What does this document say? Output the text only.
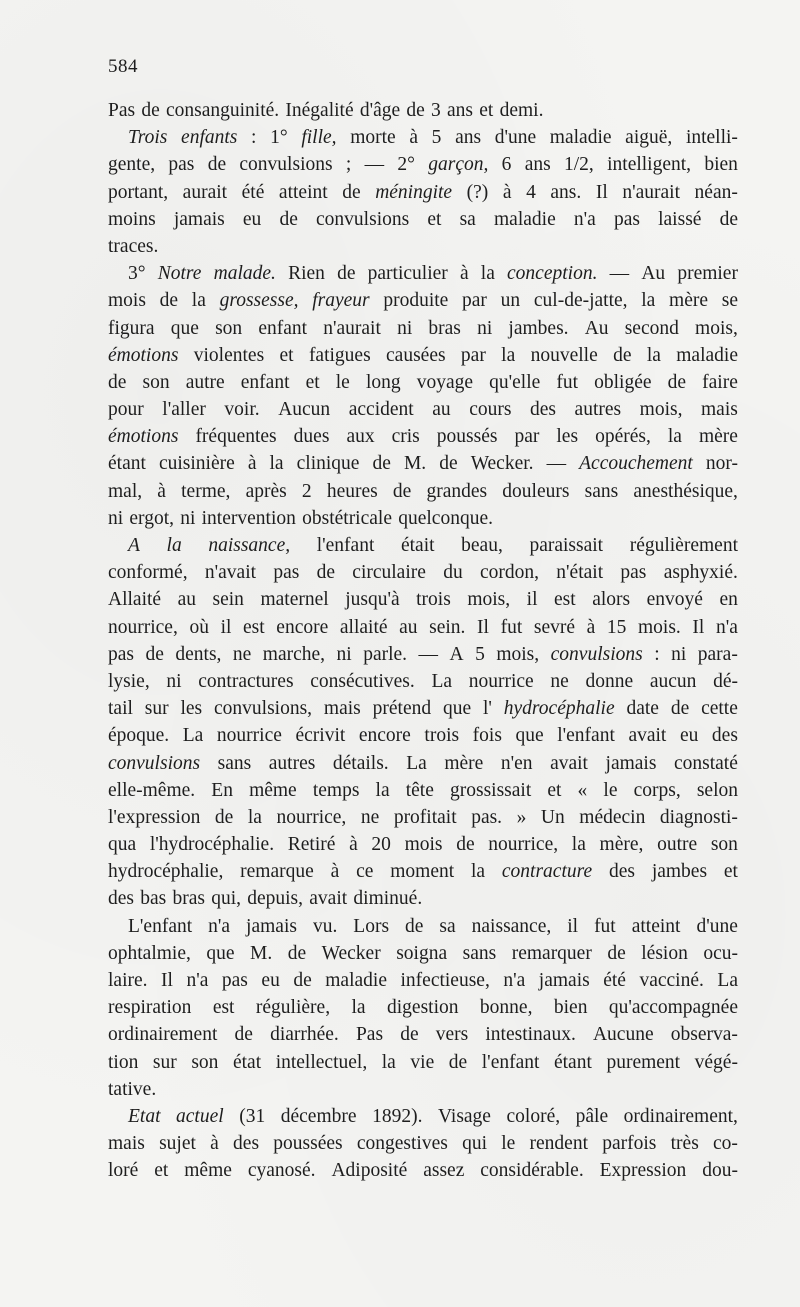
584
Pas de consanguinité. Inégalité d'âge de 3 ans et demi.
Trois enfants : 1° fille, morte à 5 ans d'une maladie aiguë, intelli-
gente, pas de convulsions ; — 2° garçon, 6 ans 1/2, intelligent, bien
portant, aurait été atteint de méningite (?) à 4 ans. Il n'aurait néan-
moins jamais eu de convulsions et sa maladie n'a pas laissé de
traces.
3° Notre malade. Rien de particulier à la conception. — Au premier
mois de la grossesse, frayeur produite par un cul-de-jatte, la mère se
figura que son enfant n'aurait ni bras ni jambes. Au second mois,
émotions violentes et fatigues causées par la nouvelle de la maladie
de son autre enfant et le long voyage qu'elle fut obligée de faire
pour l'aller voir. Aucun accident au cours des autres mois, mais
émotions fréquentes dues aux cris poussés par les opérés, la mère
étant cuisinière à la clinique de M. de Wecker. — Accouchement nor-
mal, à terme, après 2 heures de grandes douleurs sans anesthésique,
ni ergot, ni intervention obstétricale quelconque.
A la naissance, l'enfant était beau, paraissait régulièrement
conformé, n'avait pas de circulaire du cordon, n'était pas asphyxié.
Allaité au sein maternel jusqu'à trois mois, il est alors envoyé en
nourrice, où il est encore allaité au sein. Il fut sevré à 15 mois. Il n'a
pas de dents, ne marche, ni parle. — A 5 mois, convulsions : ni para-
lysie, ni contractures consécutives. La nourrice ne donne aucun dé-
tail sur les convulsions, mais prétend que l' hydrocéphalie date de cette
époque. La nourrice écrivit encore trois fois que l'enfant avait eu des
convulsions sans autres détails. La mère n'en avait jamais constaté
elle-même. En même temps la tête grossissait et « le corps, selon
l'expression de la nourrice, ne profitait pas. » Un médecin diagnosti-
qua l'hydrocéphalie. Retiré à 20 mois de nourrice, la mère, outre son
hydrocéphalie, remarque à ce moment la contracture des jambes et
des bas bras qui, depuis, avait diminué.
L'enfant n'a jamais vu. Lors de sa naissance, il fut atteint d'une
ophtalmie, que M. de Wecker soigna sans remarquer de lésion ocu-
laire. Il n'a pas eu de maladie infectieuse, n'a jamais été vacciné. La
respiration est régulière, la digestion bonne, bien qu'accompagnée
ordinairement de diarrhée. Pas de vers intestinaux. Aucune observa-
tion sur son état intellectuel, la vie de l'enfant étant purement végé-
tative.
Etat actuel (31 décembre 1892). Visage coloré, pâle ordinairement,
mais sujet à des poussées congestives qui le rendent parfois très co-
loré et même cyanosé. Adiposité assez considérable. Expression dou-
